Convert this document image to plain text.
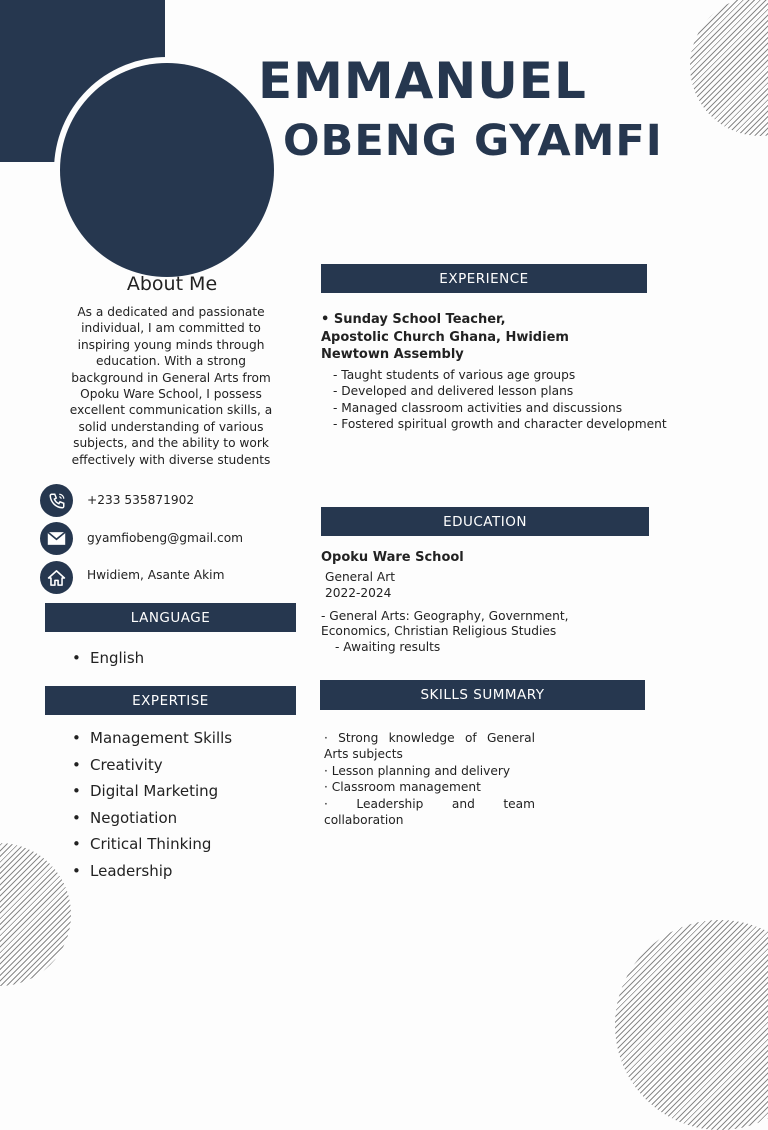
EMMANUEL
OBENG GYAMFI
About Me
As a dedicated and passionate individual, I am committed to inspiring young minds through education. With a strong background in General Arts from Opoku Ware School, I possess excellent communication skills, a solid understanding of various subjects, and the ability to work effectively with diverse students
+233 535871902
gyamfiobeng@gmail.com
Hwidiem, Asante Akim
LANGUAGE
• English
EXPERTISE
• Management Skills
• Creativity
• Digital Marketing
• Negotiation
• Critical Thinking
• Leadership
EXPERIENCE
• Sunday School Teacher, Apostolic Church Ghana, Hwidiem Newtown Assembly
- Taught students of various age groups
- Developed and delivered lesson plans
- Managed classroom activities and discussions
- Fostered spiritual growth and character development
EDUCATION
Opoku Ware School
General Art
2022-2024
- General Arts: Geography, Government,
Economics, Christian Religious Studies
- Awaiting results
SKILLS SUMMARY
· Strong knowledge of General Arts subjects
· Lesson planning and delivery
· Classroom management
· Leadership and team collaboration
